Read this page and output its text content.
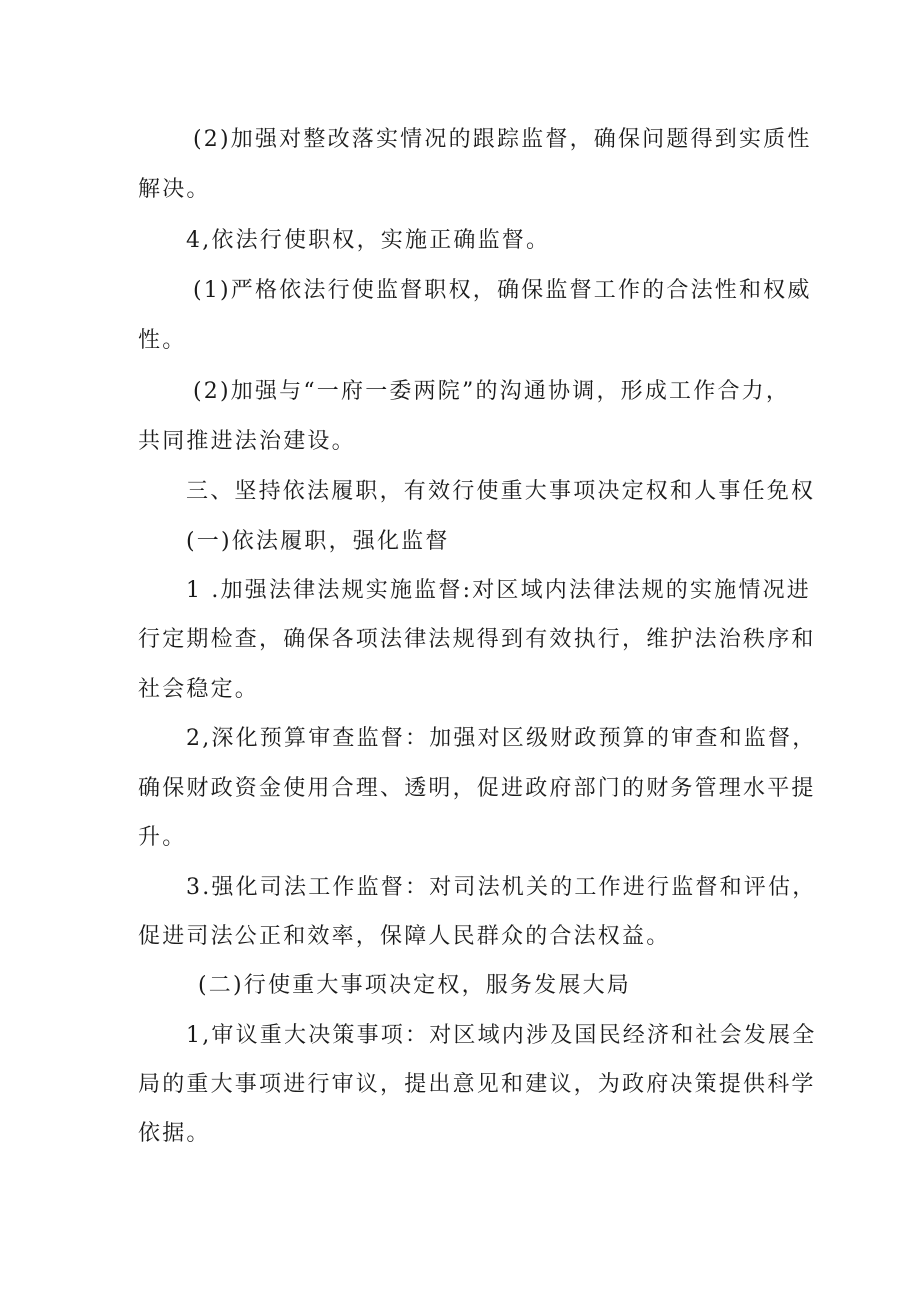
(2)加强对整改落实情况的跟踪监督，确保问题得到实质性
解决。
4,依法行使职权，实施正确监督。
(1)严格依法行使监督职权，确保监督工作的合法性和权威
性。
(2)加强与“一府一委两院”的沟通协调，形成工作合力，
共同推进法治建设。
三、坚持依法履职，有效行使重大事项决定权和人事任免权
(一)依法履职，强化监督
1 .加强法律法规实施监督:对区域内法律法规的实施情况进
行定期检查，确保各项法律法规得到有效执行，维护法治秩序和
社会稳定。
2,深化预算审查监督：加强对区级财政预算的审查和监督，
确保财政资金使用合理、透明，促进政府部门的财务管理水平提
升。
3.强化司法工作监督：对司法机关的工作进行监督和评估，
促进司法公正和效率，保障人民群众的合法权益。
(二)行使重大事项决定权，服务发展大局
1,审议重大决策事项：对区域内涉及国民经济和社会发展全
局的重大事项进行审议，提出意见和建议，为政府决策提供科学
依据。
